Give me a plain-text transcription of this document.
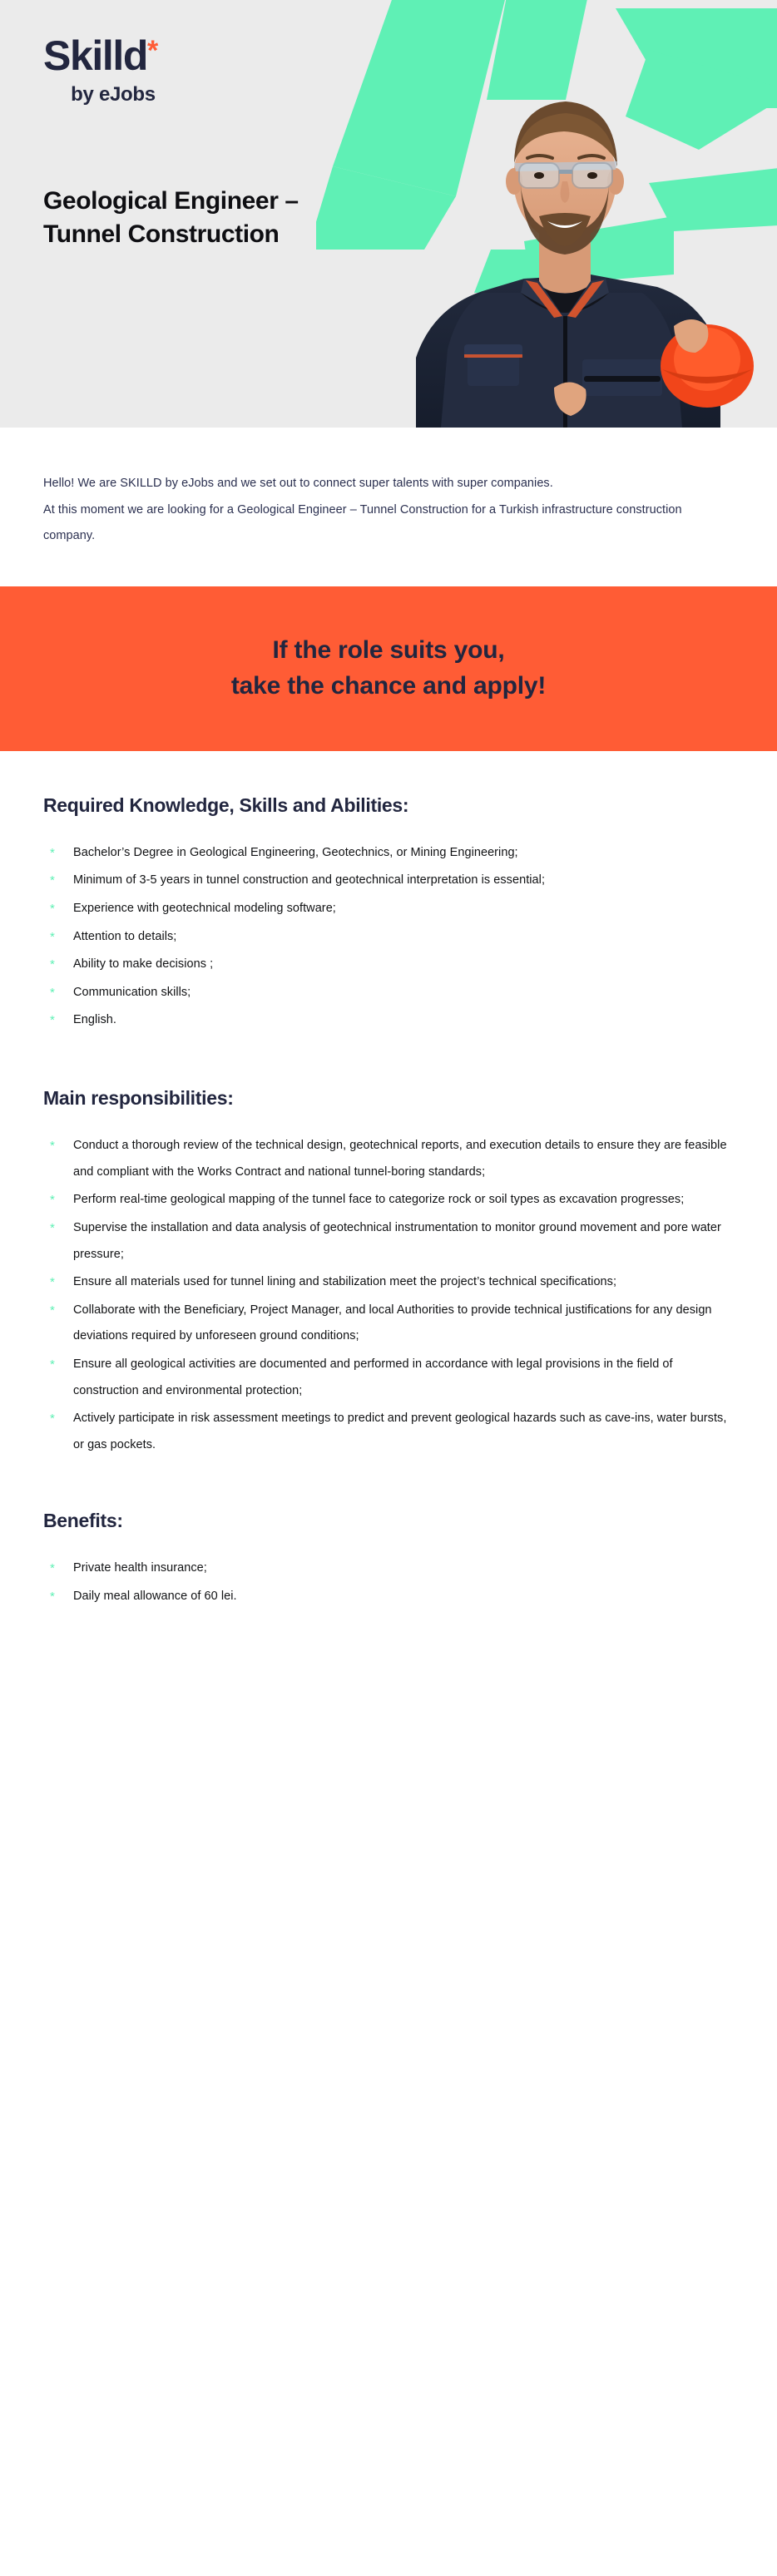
Skilld*
by eJobs
Geological Engineer –
Tunnel Construction

Hello! We are SKILLD by eJobs and we set out to connect super talents with super companies.

At this moment we are looking for a Geological Engineer – Tunnel Construction for a Turkish infrastructure construction company.

If the role suits you,
take the chance and apply!
Required Knowledge, Skills and Abilities:
* Bachelor’s Degree in Geological Engineering, Geotechnics, or Mining Engineering;
* Minimum of 3-5 years in tunnel construction and geotechnical interpretation is essential;
* Experience with geotechnical modeling software;
* Attention to details;
* Ability to make decisions ;
* Communication skills;
* English.
Main responsibilities:
* Conduct a thorough review of the technical design, geotechnical reports, and execution details to ensure they are feasible and compliant with the Works Contract and national tunnel-boring standards;
* Perform real-time geological mapping of the tunnel face to categorize rock or soil types as excavation progresses;
* Supervise the installation and data analysis of geotechnical instrumentation to monitor ground movement and pore water pressure;
* Ensure all materials used for tunnel lining and stabilization meet the project’s technical specifications;
* Collaborate with the Beneficiary, Project Manager, and local Authorities to provide technical justifications for any design deviations required by unforeseen ground conditions;
* Ensure all geological activities are documented and performed in accordance with legal provisions in the field of construction and environmental protection;
* Actively participate in risk assessment meetings to predict and prevent geological hazards such as cave-ins, water bursts, or gas pockets.
Benefits:
* Private health insurance;
* Daily meal allowance of 60 lei.
